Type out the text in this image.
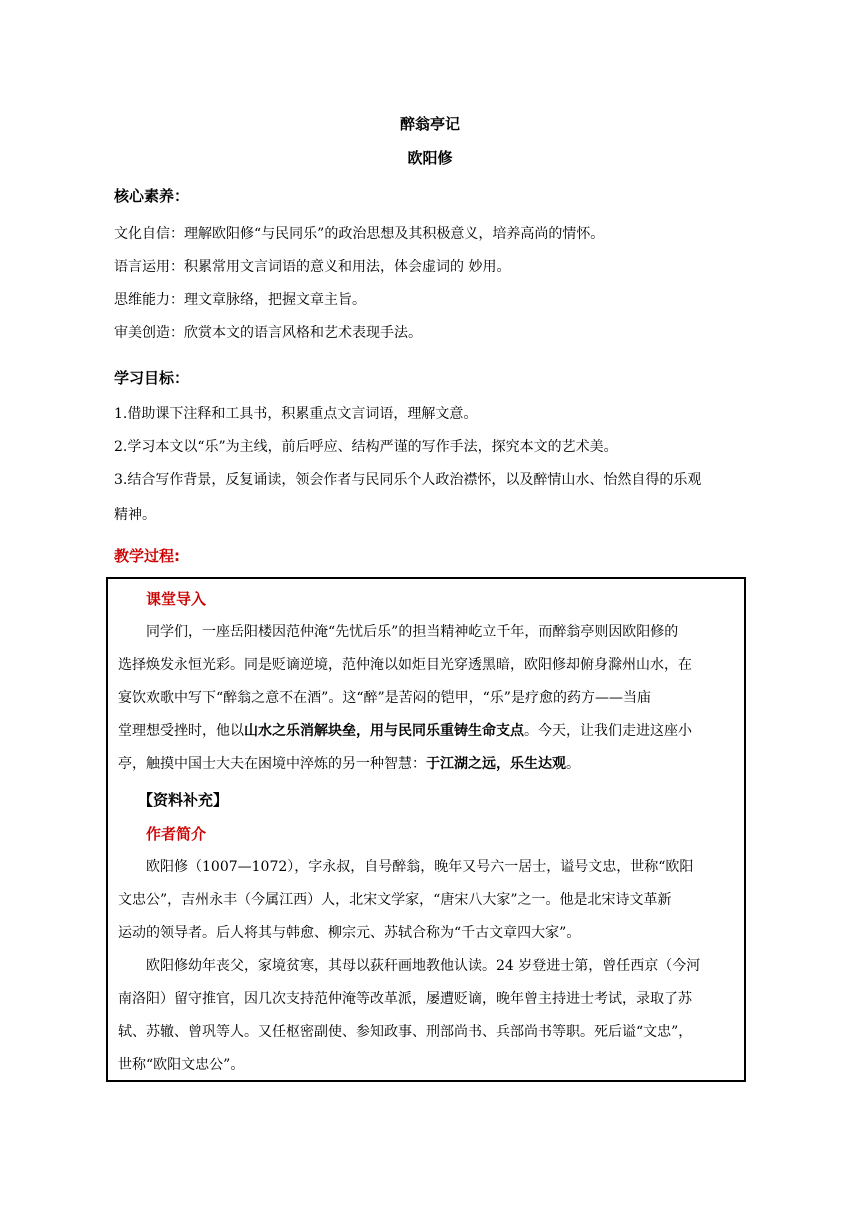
醉翁亭记
欧阳修
核心素养：
文化自信：理解欧阳修“与民同乐”的政治思想及其积极意义，培养高尚的情怀。
语言运用：积累常用文言词语的意义和用法，体会虚词的 妙用。
思维能力：理文章脉络，把握文章主旨。
审美创造：欣赏本文的语言风格和艺术表现手法。
学习目标：
1.借助课下注释和工具书，积累重点文言词语，理解文意。
2.学习本文以“乐”为主线，前后呼应、结构严谨的写作手法，探究本文的艺术美。
3.结合写作背景，反复诵读，领会作者与民同乐个人政治襟怀，以及醉情山水、怡然自得的乐观
精神。
教学过程:
课堂导入
同学们，一座岳阳楼因范仲淹“先忧后乐”的担当精神屹立千年，而醉翁亭则因欧阳修的
选择焕发永恒光彩。同是贬谪逆境，范仲淹以如炬目光穿透黑暗，欧阳修却俯身滁州山水，在
宴饮欢歌中写下“醉翁之意不在酒”。这“醉”是苦闷的铠甲，“乐”是疗愈的药方——当庙
堂理想受挫时，他以山水之乐消解块垒，用与民同乐重铸生命支点。今天，让我们走进这座小
亭，触摸中国士大夫在困境中淬炼的另一种智慧：于江湖之远，乐生达观。
【资料补充】
作者简介
欧阳修（1007—1072），字永叔，自号醉翁，晚年又号六一居士，谥号文忠，世称“欧阳
文忠公”，吉州永丰（今属江西）人，北宋文学家，“唐宋八大家”之一。他是北宋诗文革新
运动的领导者。后人将其与韩愈、柳宗元、苏轼合称为“千古文章四大家”。
欧阳修幼年丧父，家境贫寒，其母以荻秆画地教他认读。24 岁登进士第，曾任西京（今河
南洛阳）留守推官，因几次支持范仲淹等改革派，屡遭贬谪，晚年曾主持进士考试，录取了苏
轼、苏辙、曾巩等人。又任枢密副使、参知政事、刑部尚书、兵部尚书等职。死后谥“文忠”，
世称“欧阳文忠公”。
